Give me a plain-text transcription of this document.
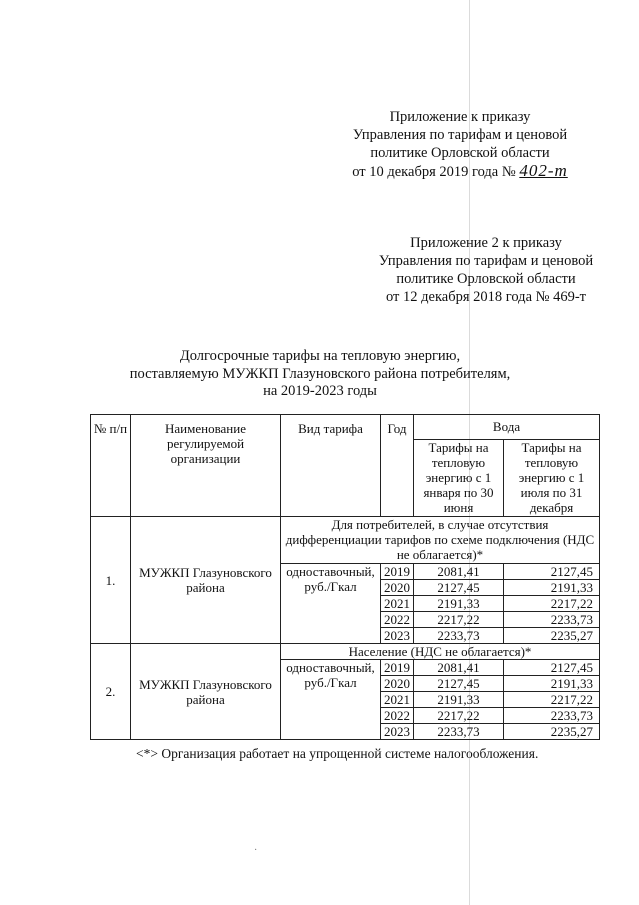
Приложение к приказу
Управления по тарифам и ценовой
политике Орловской области
от 10 декабря 2019 года № 402-т
Приложение 2 к приказу
Управления по тарифам и ценовой
политике Орловской области
от 12 декабря 2018 года № 469-т
Долгосрочные тарифы на тепловую энергию,
поставляемую МУЖКП Глазуновского района потребителям,
на 2019-2023 годы
№ п/п	Наименование регулируемой организации	Вид тарифа	Год	Вода	
				Тарифы на тепловую энергию с 1 января по 30 июня	Тарифы на тепловую энергию с 1 июля по 31 декабря
1.	МУЖКП Глазуновского района	Для потребителей, в случае отсутствия дифференциации тарифов по схеме подключения (НДС не облагается)*			
		одноставочный, руб./Гкал	2019	2081,41	2127,45
			2020	2127,45	2191,33
			2021	2191,33	2217,22
			2022	2217,22	2233,73
			2023	2233,73	2235,27
2.	МУЖКП Глазуновского района	Население (НДС не облагается)*			
		одноставочный, руб./Гкал	2019	2081,41	2127,45
			2020	2127,45	2191,33
			2021	2191,33	2217,22
			2022	2217,22	2233,73
			2023	2233,73	2235,27
<*> Организация работает на упрощенной системе налогообложения.
·
